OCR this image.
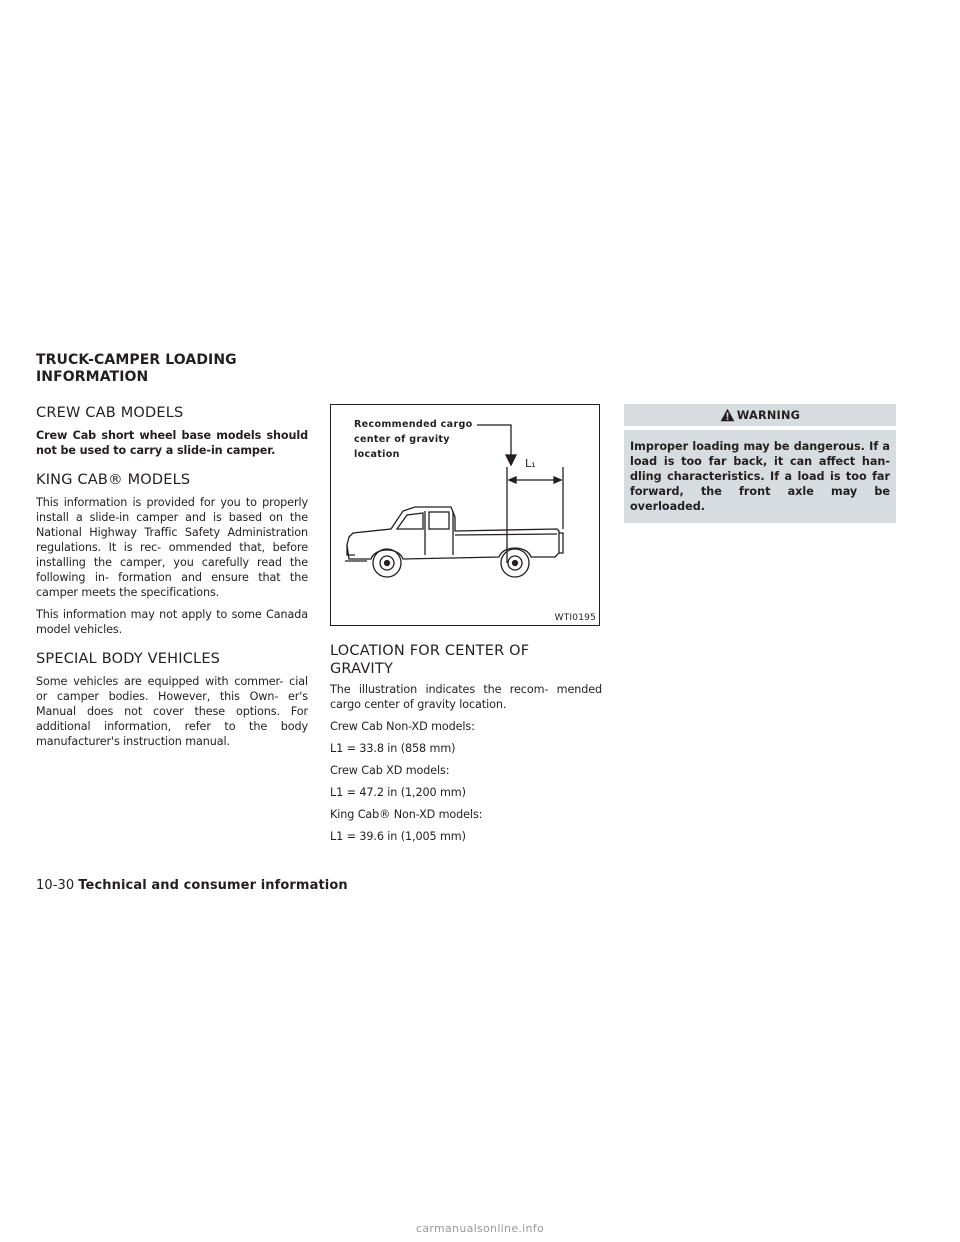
TRUCK-CAMPER LOADING
INFORMATION
CREW CAB MODELS
Crew Cab short wheel base models should not be used to carry a slide-in camper.
KING CAB® MODELS
This information is provided for you to properly install a slide-in camper and is based on the National Highway Traffic Safety Administration regulations. It is rec- ommended that, before installing the camper, you carefully read the following in- formation and ensure that the camper meets the specifications.
This information may not apply to some Canada model vehicles.
SPECIAL BODY VEHICLES
Some vehicles are equipped with commer- cial or camper bodies. However, this Own- er's Manual does not cover these options. For additional information, refer to the body manufacturer's instruction manual.
Recommended cargo
center of gravity
location
L₁
WTI0195
LOCATION FOR CENTER OF
GRAVITY
The illustration indicates the recom- mended cargo center of gravity location.
Crew Cab Non-XD models:
L1 = 33.8 in (858 mm)
Crew Cab XD models:
L1 = 47.2 in (1,200 mm)
King Cab® Non-XD models:
L1 = 39.6 in (1,005 mm)
WARNING
Improper loading may be dangerous. If a load is too far back, it can affect han- dling characteristics. If a load is too far forward, the front axle may be overloaded.
10-30 Technical and consumer information
carmanualsonline.info
